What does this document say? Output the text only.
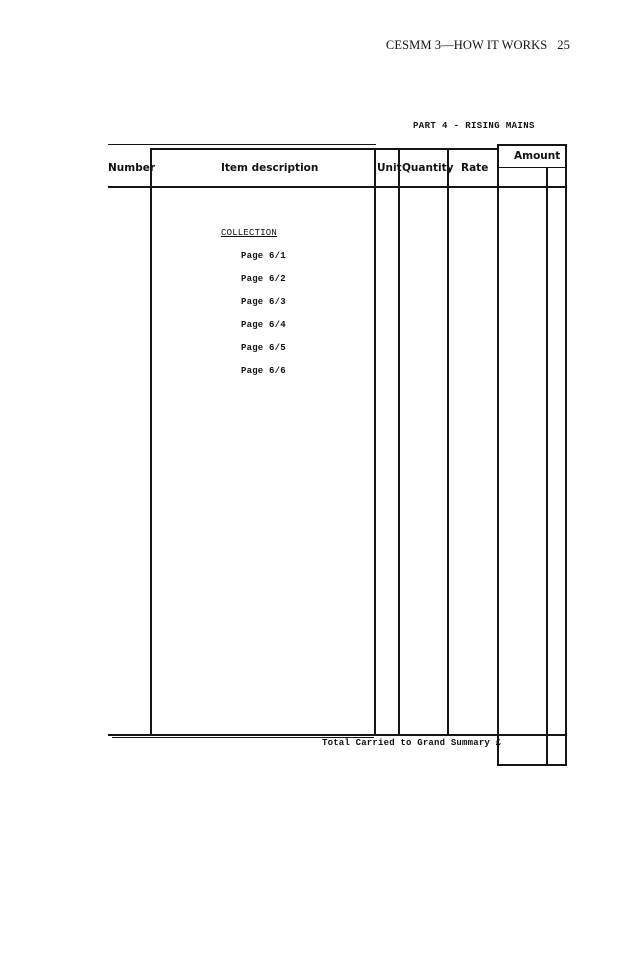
CESMM 3—HOW IT WORKS 25
PART 4 - RISING MAINS
Number	Item description	Unit Quantity Rate
Amount
COLLECTION
Page 6/1
Page 6/2
Page 6/3
Page 6/4
Page 6/5
Page 6/6
Total Carried to Grand Summary £
